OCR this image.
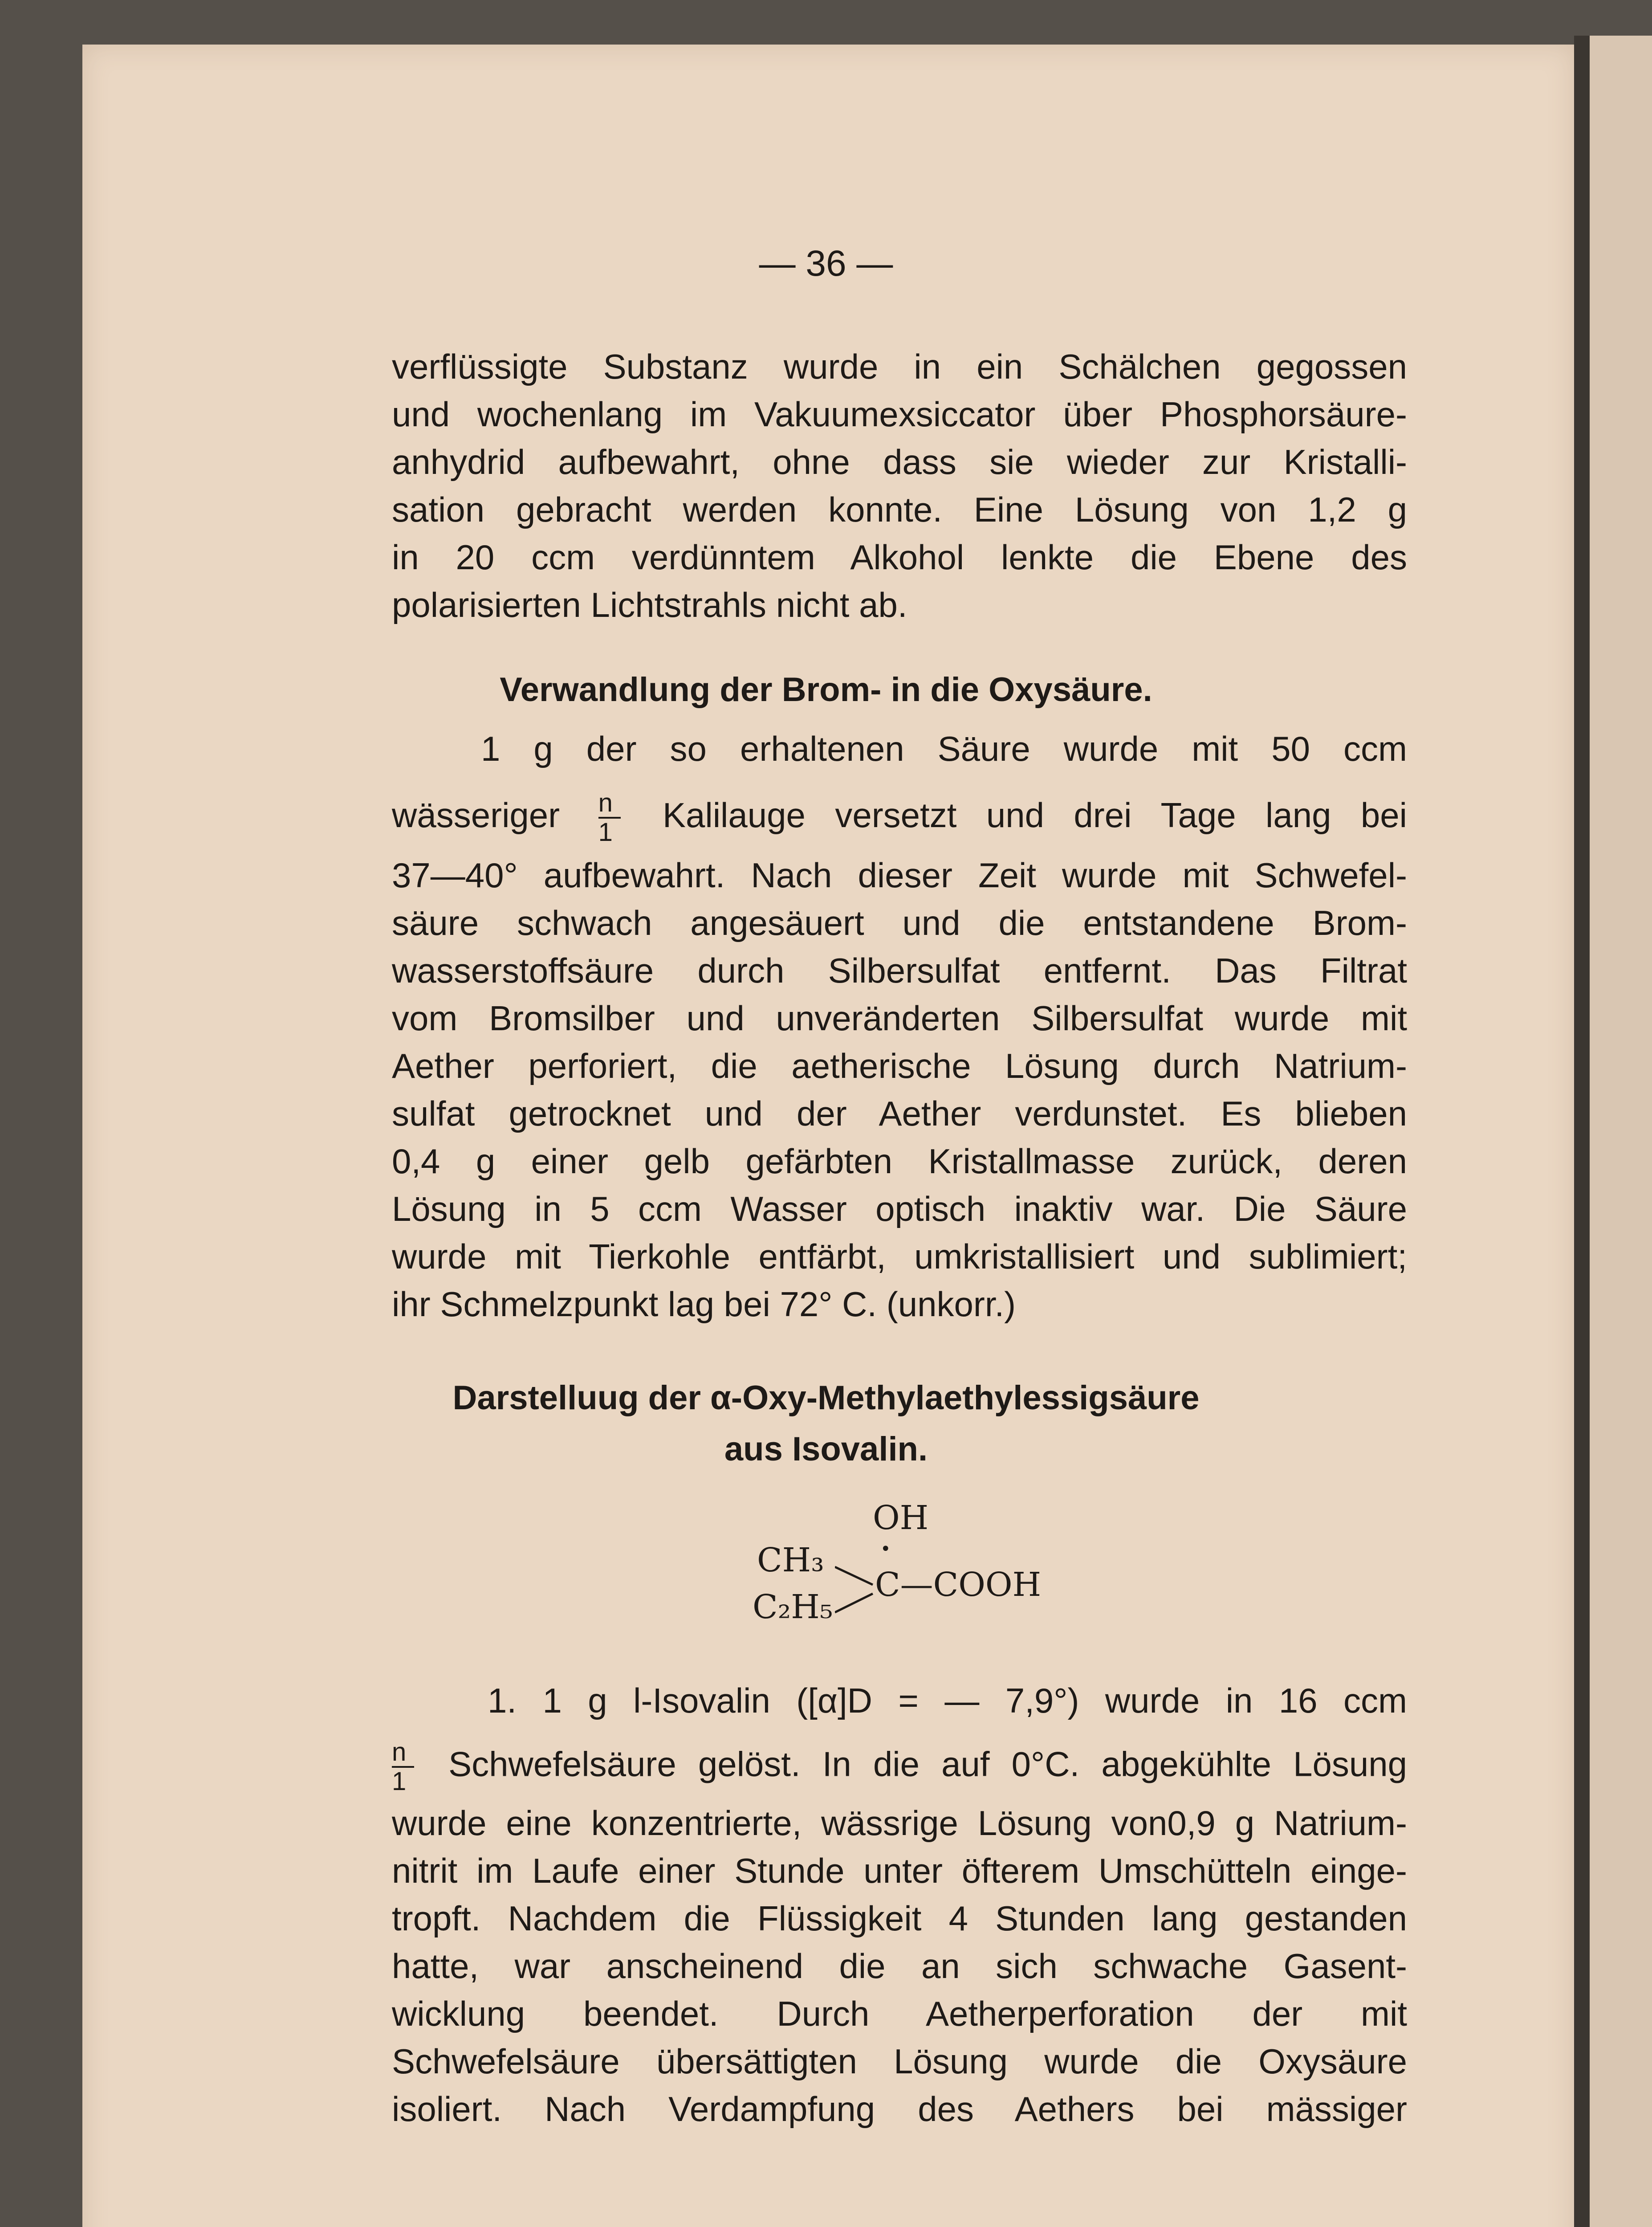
— 36 —
verflüssigte Substanz wurde in ein Schälchen gegossen
und wochenlang im Vakuumexsiccator über Phosphorsäure-
anhydrid aufbewahrt, ohne dass sie wieder zur Kristalli-
sation gebracht werden konnte. Eine Lösung von 1,2 g
in 20 ccm verdünntem Alkohol lenkte die Ebene des
polarisierten Lichtstrahls nicht ab.
Verwandlung der Brom- in die Oxysäure.
1 g der so erhaltenen Säure wurde mit 50 ccm
wässeriger $\frac{n}{1}$ Kalilauge versetzt und drei Tage lang bei
37—40° aufbewahrt. Nach dieser Zeit wurde mit Schwefel-
säure schwach angesäuert und die entstandene Brom-
wasserstoffsäure durch Silbersulfat entfernt. Das Filtrat
vom Bromsilber und unveränderten Silbersulfat wurde mit
Aether perforiert, die aetherische Lösung durch Natrium-
sulfat getrocknet und der Aether verdunstet. Es blieben
0,4 g einer gelb gefärbten Kristallmasse zurück, deren
Lösung in 5 ccm Wasser optisch inaktiv war. Die Säure
wurde mit Tierkohle entfärbt, umkristallisiert und sublimiert;
ihr Schmelzpunkt lag bei 72° C. (unkorr.)
Darstelluug der α-Oxy-Methylaethylessigsäure
aus Isovalin.
OH
•
CH₃
C₂H₅
C—COOH
1. 1 g l-Isovalin ([α]D = — 7,9°) wurde in 16 ccm
$\frac{n}{1}$ Schwefelsäure gelöst. In die auf 0°C. abgekühlte Lösung
wurde eine konzentrierte, wässrige Lösung von0,9 g Natrium-
nitrit im Laufe einer Stunde unter öfterem Umschütteln einge-
tropft. Nachdem die Flüssigkeit 4 Stunden lang gestanden
hatte, war anscheinend die an sich schwache Gasent-
wicklung beendet. Durch Aetherperforation der mit
Schwefelsäure übersättigten Lösung wurde die Oxysäure
isoliert. Nach Verdampfung des Aethers bei mässiger
